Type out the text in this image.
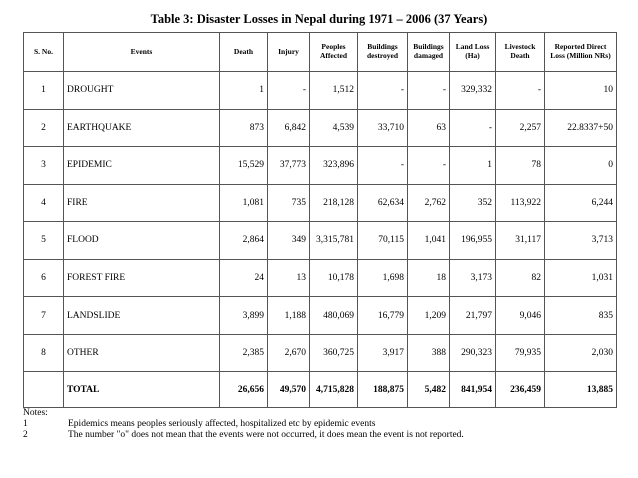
Table 3: Disaster Losses in Nepal during 1971 – 2006 (37 Years)
S. No.	Events	Death	Injury	Peoples Affected	Buildings destroyed	Buildings damaged	Land Loss (Ha)	Livestock Death	Reported Direct Loss (Million NRs)
1	DROUGHT	1	-	1,512	-	-	329,332	-	10
2	EARTHQUAKE	873	6,842	4,539	33,710	63	-	2,257	22.8337+50
3	EPIDEMIC	15,529	37,773	323,896	-	-	1	78	0
4	FIRE	1,081	735	218,128	62,634	2,762	352	113,922	6,244
5	FLOOD	2,864	349	3,315,781	70,115	1,041	196,955	31,117	3,713
6	FOREST FIRE	24	13	10,178	1,698	18	3,173	82	1,031
7	LANDSLIDE	3,899	1,188	480,069	16,779	1,209	21,797	9,046	835
8	OTHER	2,385	2,670	360,725	3,917	388	290,323	79,935	2,030
	TOTAL	26,656	49,570	4,715,828	188,875	5,482	841,954	236,459	13,885
Notes:
1	Epidemics means peoples seriously affected, hospitalized etc by epidemic events
2	The number "o" does not mean that the events were not occurred, it does mean the event is not reported.
